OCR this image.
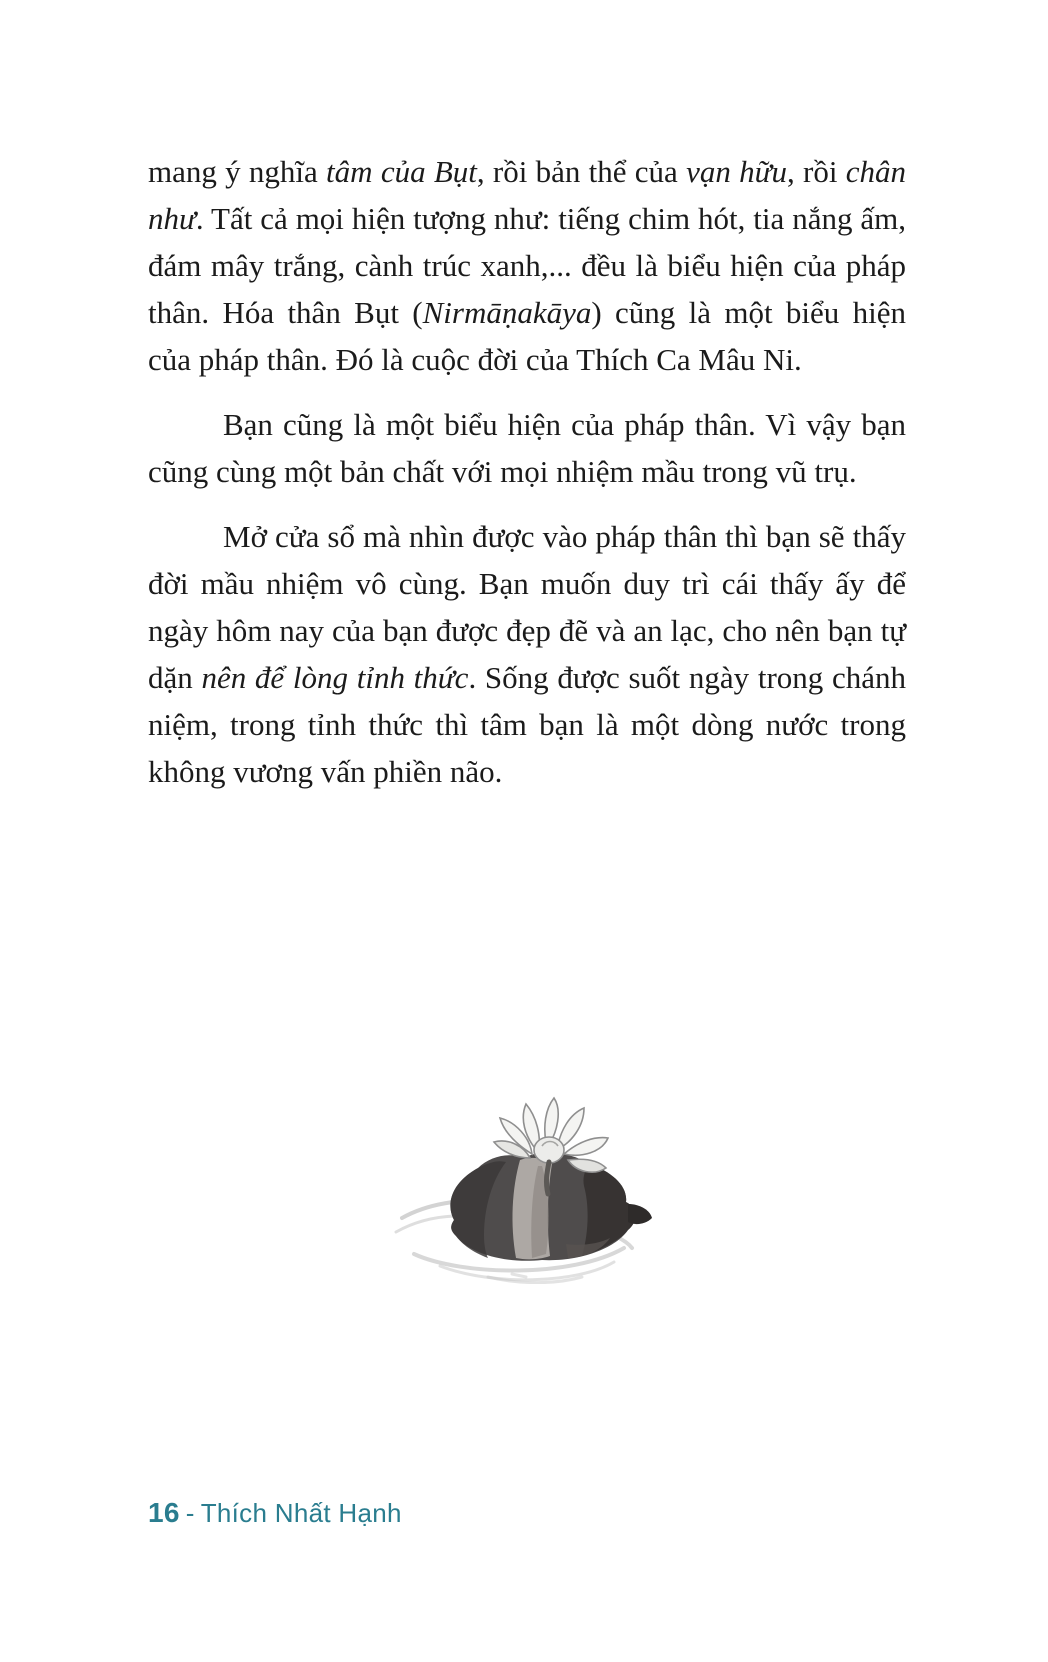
mang ý nghĩa tâm của Bụt, rồi bản thể của vạn hữu, rồi chân như. Tất cả mọi hiện tượng như: tiếng chim hót, tia nắng ấm, đám mây trắng, cành trúc xanh,... đều là biểu hiện của pháp thân. Hóa thân Bụt (Nirmāṇakāya) cũng là một biểu hiện của pháp thân. Đó là cuộc đời của Thích Ca Mâu Ni.

Bạn cũng là một biểu hiện của pháp thân. Vì vậy bạn cũng cùng một bản chất với mọi nhiệm mầu trong vũ trụ.

Mở cửa sổ mà nhìn được vào pháp thân thì bạn sẽ thấy đời mầu nhiệm vô cùng. Bạn muốn duy trì cái thấy ấy để ngày hôm nay của bạn được đẹp đẽ và an lạc, cho nên bạn tự dặn nên để lòng tỉnh thức. Sống được suốt ngày trong chánh niệm, trong tỉnh thức thì tâm bạn là một dòng nước trong không vương vấn phiền não.

16 - Thích Nhất Hạnh
